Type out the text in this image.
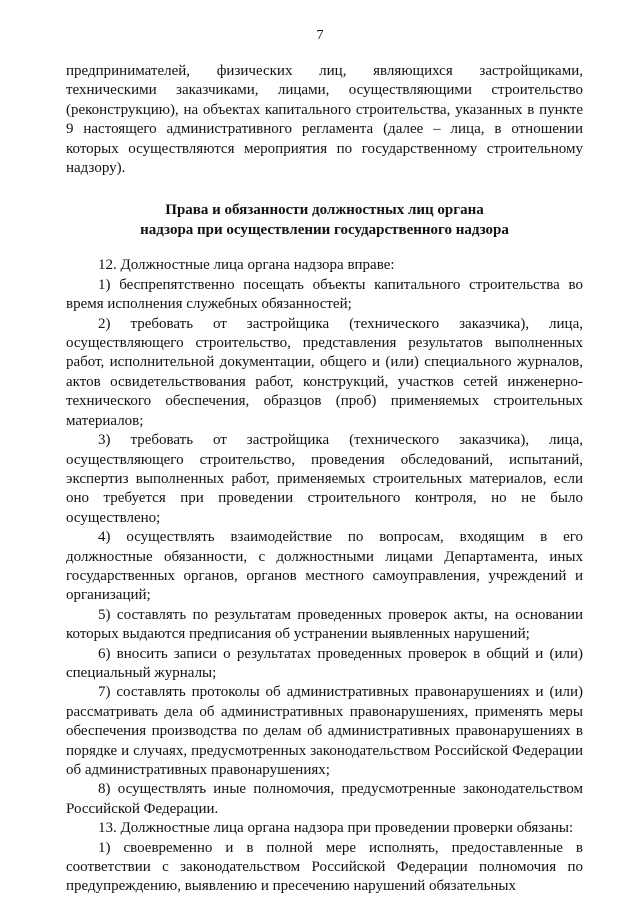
7

предпринимателей, физических лиц, являющихся застройщиками, техническими заказчиками, лицами, осуществляющими строительство (реконструкцию), на объектах капитального строительства, указанных в пункте 9 настоящего административного регламента (далее – лица, в отношении которых осуществляются мероприятия по государственному строительному надзору).

Права и обязанности должностных лиц органа
надзора при осуществлении государственного надзора

12. Должностные лица органа надзора вправе:

1) беспрепятственно посещать объекты капитального строительства во время исполнения служебных обязанностей;

2) требовать от застройщика (технического заказчика), лица, осуществляющего строительство, представления результатов выполненных работ, исполнительной документации, общего и (или) специального журналов, актов освидетельствования работ, конструкций, участков сетей инженерно-технического обеспечения, образцов (проб) применяемых строительных материалов;

3) требовать от застройщика (технического заказчика), лица, осуществляющего строительство, проведения обследований, испытаний, экспертиз выполненных работ, применяемых строительных материалов, если оно требуется при проведении строительного контроля, но не было осуществлено;

4) осуществлять взаимодействие по вопросам, входящим в его должностные обязанности, с должностными лицами Департамента, иных государственных органов, органов местного самоуправления, учреждений и организаций;

5) составлять по результатам проведенных проверок акты, на основании которых выдаются предписания об устранении выявленных нарушений;

6) вносить записи о результатах проведенных проверок в общий и (или) специальный журналы;

7) составлять протоколы об административных правонарушениях и (или) рассматривать дела об административных правонарушениях, применять меры обеспечения производства по делам об административных правонарушениях в порядке и случаях, предусмотренных законодательством Российской Федерации об административных правонарушениях;

8) осуществлять иные полномочия, предусмотренные законодательством Российской Федерации.

13. Должностные лица органа надзора при проведении проверки обязаны:

1) своевременно и в полной мере исполнять, предоставленные в соответствии с законодательством Российской Федерации полномочия по предупреждению, выявлению и пресечению нарушений обязательных
